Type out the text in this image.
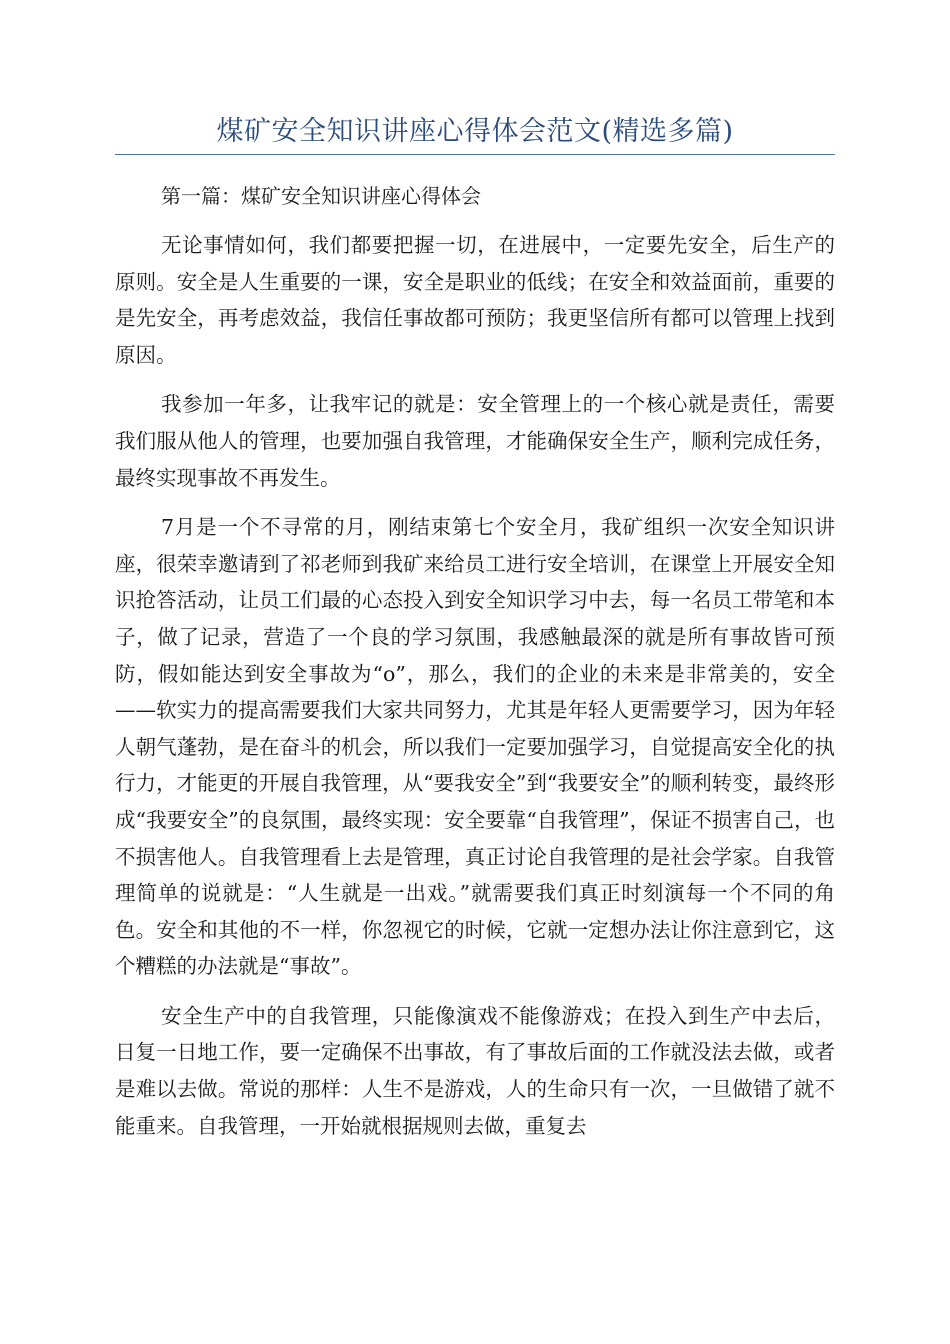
煤矿安全知识讲座心得体会范文(精选多篇)

第一篇：煤矿安全知识讲座心得体会

无论事情如何，我们都要把握一切，在进展中，一定要先安全，后生产的原则。安全是人生重要的一课，安全是职业的低线；在安全和效益面前，重要的是先安全，再考虑效益，我信任事故都可预防；我更坚信所有都可以管理上找到原因。

我参加一年多，让我牢记的就是：安全管理上的一个核心就是责任，需要我们服从他人的管理，也要加强自我管理，才能确保安全生产，顺利完成任务，最终实现事故不再发生。

7月是一个不寻常的月，刚结束第七个安全月，我矿组织一次安全知识讲座，很荣幸邀请到了祁老师到我矿来给员工进行安全培训，在课堂上开展安全知识抢答活动，让员工们最的心态投入到安全知识学习中去，每一名员工带笔和本子，做了记录，营造了一个良的学习氛围，我感触最深的就是所有事故皆可预防，假如能达到安全事故为“o”，那么，我们的企业的未来是非常美的，安全——软实力的提高需要我们大家共同努力，尤其是年轻人更需要学习，因为年轻人朝气蓬勃，是在奋斗的机会，所以我们一定要加强学习，自觉提高安全化的执行力，才能更的开展自我管理，从“要我安全”到“我要安全”的顺利转变，最终形成“我要安全”的良氛围，最终实现：安全要靠“自我管理”，保证不损害自己，也不损害他人。自我管理看上去是管理，真正讨论自我管理的是社会学家。自我管理简单的说就是：“人生就是一出戏。”就需要我们真正时刻演每一个不同的角色。安全和其他的不一样，你忽视它的时候，它就一定想办法让你注意到它，这个糟糕的办法就是“事故”。

安全生产中的自我管理，只能像演戏不能像游戏；在投入到生产中去后，日复一日地工作，要一定确保不出事故，有了事故后面的工作就没法去做，或者是难以去做。常说的那样：人生不是游戏，人的生命只有一次，一旦做错了就不能重来。自我管理，一开始就根据规则去做，重复去
